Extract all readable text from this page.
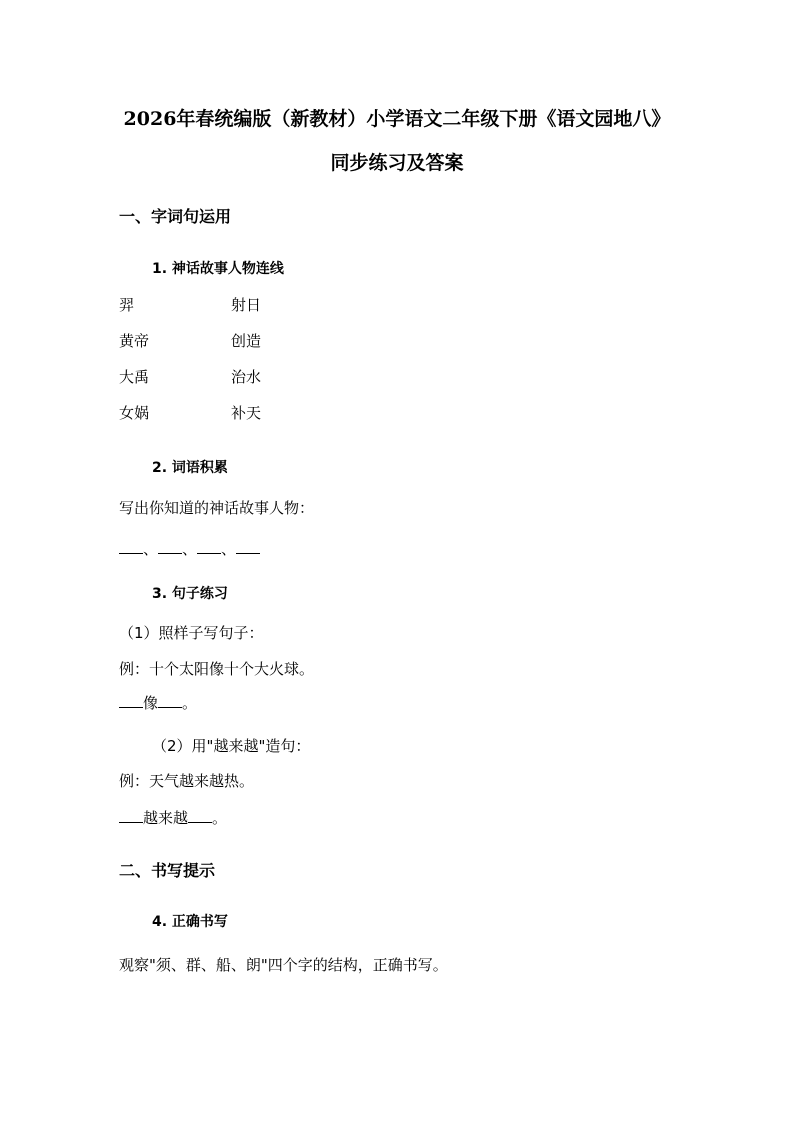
2026年春统编版（新教材）小学语文二年级下册《语文园地八》
同步练习及答案
一、字词句运用
1. 神话故事人物连线
羿	射日
黄帝	创造
大禹	治水
女娲	补天
2. 词语积累
写出你知道的神话故事人物：
、 、 、
3. 句子练习
（1）照样子写句子：
例：十个太阳像十个大火球。
像 。
（2）用"越来越"造句：
例：天气越来越热。
越来越 。
二、书写提示
4. 正确书写
观察"须、群、船、朗"四个字的结构，正确书写。
